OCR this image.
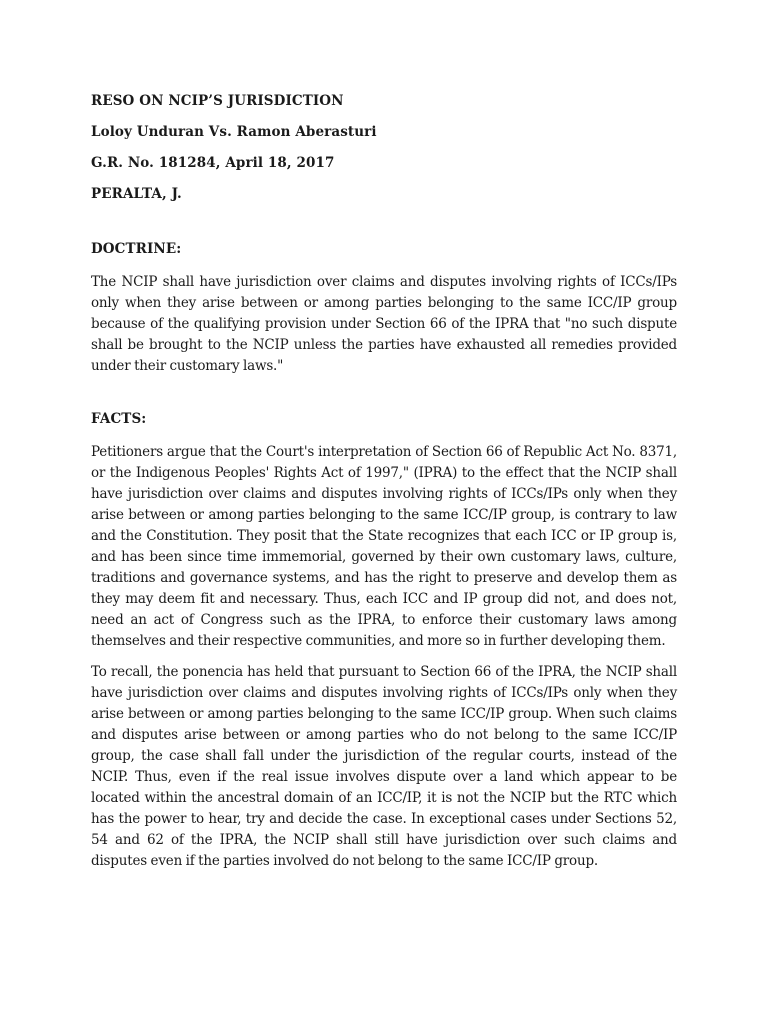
RESO ON NCIP’S JURISDICTION

Loloy Unduran Vs. Ramon Aberasturi

G.R. No. 181284, April 18, 2017

PERALTA, J.

DOCTRINE:

The NCIP shall have jurisdiction over claims and disputes involving rights of ICCs/IPs only when they arise between or among parties belonging to the same ICC/IP group because of the qualifying provision under Section 66 of the IPRA that "no such dispute shall be brought to the NCIP unless the parties have exhausted all remedies provided under their customary laws."

FACTS:

Petitioners argue that the Court's interpretation of Section 66 of Republic Act No. 8371, or the Indigenous Peoples' Rights Act of 1997," (IPRA) to the effect that the NCIP shall have jurisdiction over claims and disputes involving rights of ICCs/IPs only when they arise between or among parties belonging to the same ICC/IP group, is contrary to law and the Constitution. They posit that the State recognizes that each ICC or IP group is, and has been since time immemorial, governed by their own customary laws, culture, traditions and governance systems, and has the right to preserve and develop them as they may deem fit and necessary. Thus, each ICC and IP group did not, and does not, need an act of Congress such as the IPRA, to enforce their customary laws among themselves and their respective communities, and more so in further developing them.

To recall, the ponencia has held that pursuant to Section 66 of the IPRA, the NCIP shall have jurisdiction over claims and disputes involving rights of ICCs/IPs only when they arise between or among parties belonging to the same ICC/IP group. When such claims and disputes arise between or among parties who do not belong to the same ICC/IP group, the case shall fall under the jurisdiction of the regular courts, instead of the NCIP. Thus, even if the real issue involves dispute over a land which appear to be located within the ancestral domain of an ICC/IP, it is not the NCIP but the RTC which has the power to hear, try and decide the case. In exceptional cases under Sections 52, 54 and 62 of the IPRA, the NCIP shall still have jurisdiction over such claims and disputes even if the parties involved do not belong to the same ICC/IP group.
